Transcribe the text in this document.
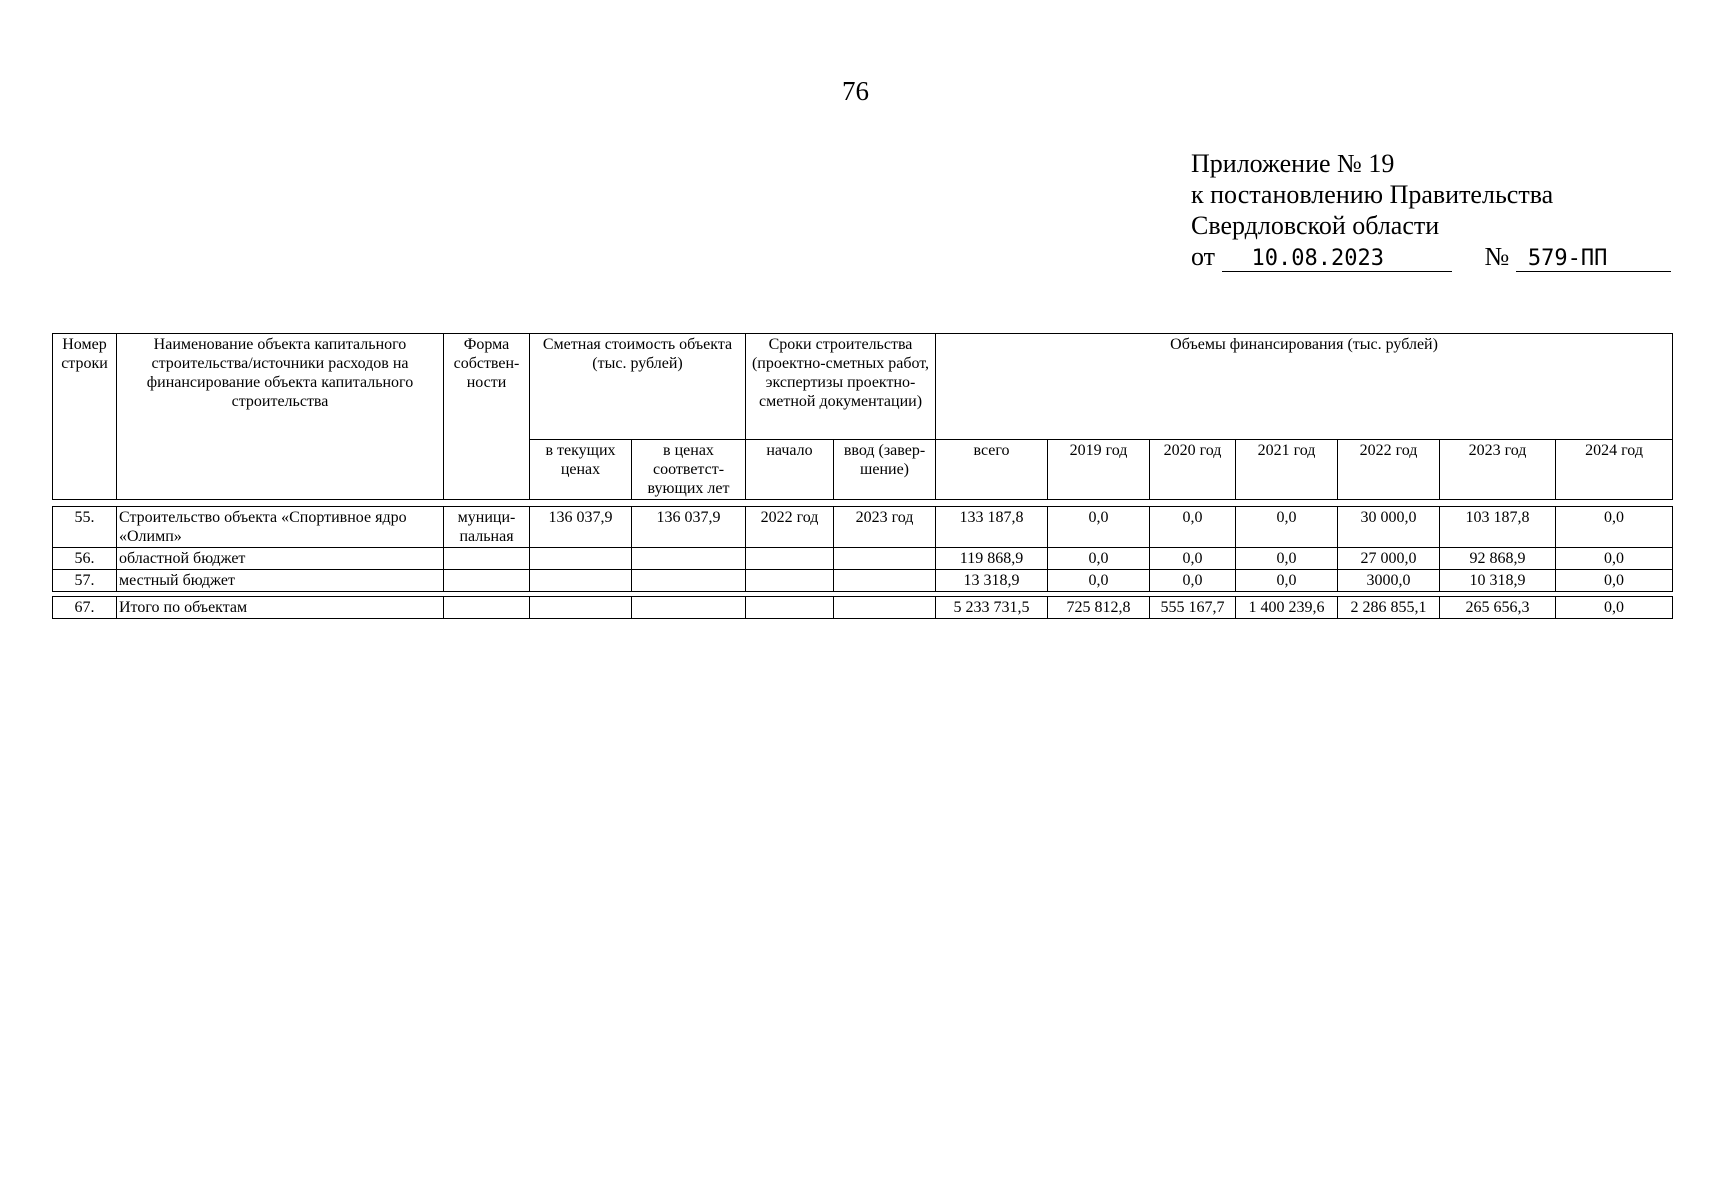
76
Приложение № 19
к постановлению Правительства
Свердловской области
от 10.08.2023	№ 579-ПП
Номер строки	Наименование объекта капитального строительства/источники расходов на финансирование объекта капитального строительства	Форма собствен-ности	Сметная стоимость объекта (тыс. рублей)		Сроки строительства (проектно-сметных работ, экспертизы проектно-сметной документации)		Объемы финансирования (тыс. рублей)						
			в текущих ценах	в ценах соответст-вующих лет	начало	ввод (завер-шение)	всего	2019 год	2020 год	2021 год	2022 год	2023 год	2024 год
55.	Строительство объекта «Спортивное ядро «Олимп»	муници-пальная	136 037,9	136 037,9	2022 год	2023 год	133 187,8	0,0	0,0	0,0	30 000,0	103 187,8	0,0
56.	областной бюджет						119 868,9	0,0	0,0	0,0	27 000,0	92 868,9	0,0
57.	местный бюджет						13 318,9	0,0	0,0	0,0	3000,0	10 318,9	0,0

67.	Итого по объектам						5 233 731,5	725 812,8	555 167,7	1 400 239,6	2 286 855,1	265 656,3	0,0
